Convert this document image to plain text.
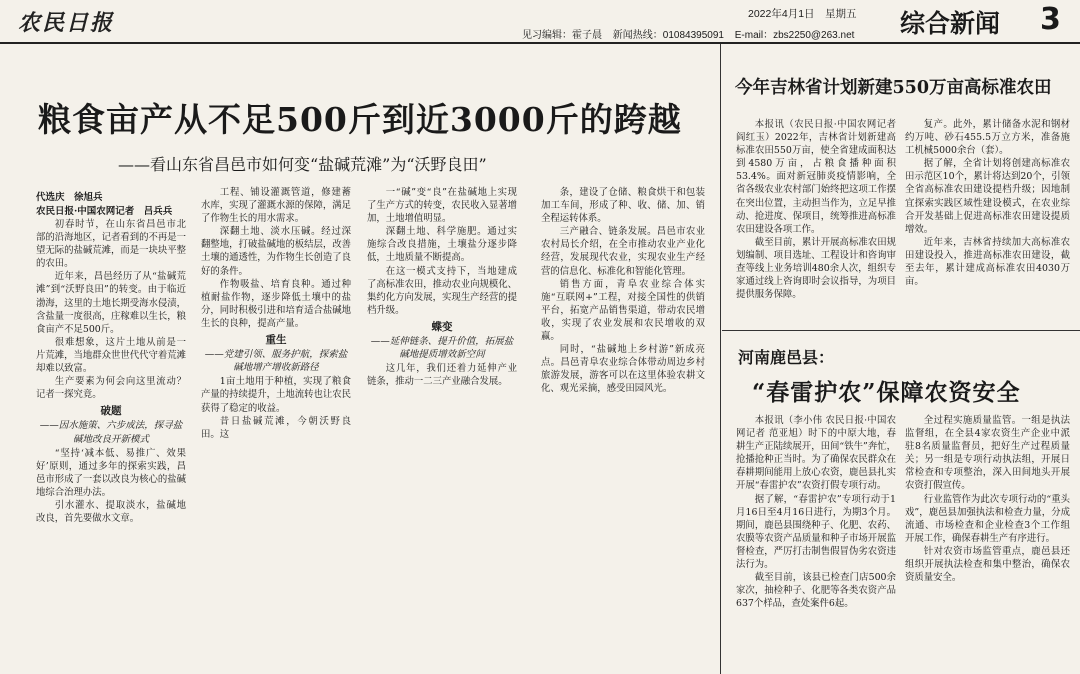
农民日报	2022年4月1日　星期五
见习编辑：霍子晨 新闻热线：01084395091 E-mail：zbs2250@263.net	综合新闻 3
粮食亩产从不足500斤到近3000斤的跨越
——看山东省昌邑市如何变“盐碱荒滩”为“沃野良田”
代选庆　徐旭兵
农民日报·中国农网记者　吕兵兵

初春时节，在山东省昌邑市北部的沿海地区，记者看到的不再是一望无际的盐碱荒滩，而是一块块平整的农田。

近年来，昌邑经历了从“盐碱荒滩”到“沃野良田”的转变。由于临近渤海，这里的土地长期受海水侵渍，含盐量一度很高，庄稼难以生长，粮食亩产不足500斤。

很难想象，这片土地从前是一片荒滩，当地群众世世代代守着荒滩却难以致富。

生产要素为何会向这里流动？记者一探究竟。

破题
——因水施策、六步成法，探寻盐碱地改良开新模式

“坚持‘减本低、易推广、效果好’原则，通过多年的探索实践，昌邑市形成了一套以改良为核心的盐碱地综合治理办法。

引水灌水、提取淡水，盐碱地改良，首先要做水文章。

工程、铺设灌溉管道，修建蓄水库，实现了灌溉水源的保障，满足了作物生长的用水需求。

深翻土地、淡水压碱。经过深翻整地，打破盐碱地的板结层，改善土壤的通透性，为作物生长创造了良好的条件。

作物吸盐、培育良种。通过种植耐盐作物，逐步降低土壤中的盐分，同时积极引进和培育适合盐碱地生长的良种，提高产量。

重生
——党建引领、服务护航，探索盐碱地增产增收新路径

1亩土地用于种植，实现了粮食产量的持续提升，土地流转也让农民获得了稳定的收益。

昔日盐碱荒滩，今朝沃野良田。这

一“碱”变“良”在盐碱地上实现了生产方式的转变，农民收入显著增加，土地增值明显。

深翻土地、科学施肥。通过实施综合改良措施，土壤盐分逐步降低，土地质量不断提高。

在这一模式支持下，当地建成了高标准农田，推动农业向规模化、集约化方向发展，实现生产经营的提档升级。

蝶变
——延伸链条、提升价值，拓展盐碱地提质增效新空间

这几年，我们还着力延伸产业链条，推动一二三产业融合发展。

条，建设了仓储、粮食烘干和包装加工车间，形成了种、收、储、加、销全程运转体系。

三产融合、链条发展。昌邑市农业农村局长介绍，在全市推动农业产业化经营，发展现代农业，实现农业生产经营的信息化、标准化和智能化管理。

销售方面，青阜农业综合体实施“互联网+”工程，对接全国性的供销平台，拓宽产品销售渠道，带动农民增收，实现了农业发展和农民增收的双赢。

同时，“盐碱地上乡村游”新成亮点。昌邑青阜农业综合体带动周边乡村旅游发展，游客可以在这里体验农耕文化、观光采摘，感受田园风光。

今年吉林省计划新建550万亩高标准农田

本报讯（农民日报·中国农网记者 阎红玉）2022年，吉林省计划新建高标准农田550万亩，使全省建成面积达到4580万亩，占粮食播种面积53.4%。面对新冠肺炎疫情影响，全省各级农业农村部门始终把这项工作摆在突出位置，主动担当作为，立足早推动、抢进度、保项目，统筹推进高标准农田建设各项工作。

截至目前，累计开展高标准农田规划编制、项目选址、工程设计和咨询审查等线上业务培训480余人次，组织专家通过线上咨询即时会议指导，为项目提供服务保障。

复产。此外，累计储备水泥和钢材约万吨、砂石455.5万立方米，准备施工机械5000余台（套）。

据了解，全省计划将创建高标准农田示范区10个，累计将达到20个，引领全省高标准农田建设提档升级；因地制宜探索实践区域性建设模式，在农业综合开发基础上促进高标准农田建设提质增效。

近年来，吉林省持续加大高标准农田建设投入，推进高标准农田建设，截至去年，累计建成高标准农田4030万亩。

河南鹿邑县：
“春雷护农”保障农资安全

本报讯（李小伟 农民日报·中国农网记者 范亚旭）时下的中原大地，春耕生产正陆续展开，田间“铁牛”奔忙，抢播抢种正当时。为了确保农民群众在春耕期间能用上放心农资，鹿邑县扎实开展“春雷护农”农资打假专项行动。

据了解，“春雷护农”专项行动于1月16日至4月16日进行，为期3个月。期间，鹿邑县围绕种子、化肥、农药、农膜等农资产品质量和种子市场开展监督检查，严厉打击制售假冒伪劣农资违法行为。

截至目前，该县已检查门店500余家次，抽检种子、化肥等各类农资产品637个样品，查处案件6起。

全过程实施质量监管。一组是执法监督组，在全县4家农资生产企业中派驻8名质量监督员，把好生产过程质量关；另一组是专项行动执法组，开展日常检查和专项整治，深入田间地头开展农资打假宣传。

行业监管作为此次专项行动的“重头戏”，鹿邑县加强执法和检查力量，分成流通、市场检查和企业检查3个工作组开展工作，确保春耕生产有序进行。

针对农资市场监管重点，鹿邑县还组织开展执法检查和集中整治，确保农资质量安全。
